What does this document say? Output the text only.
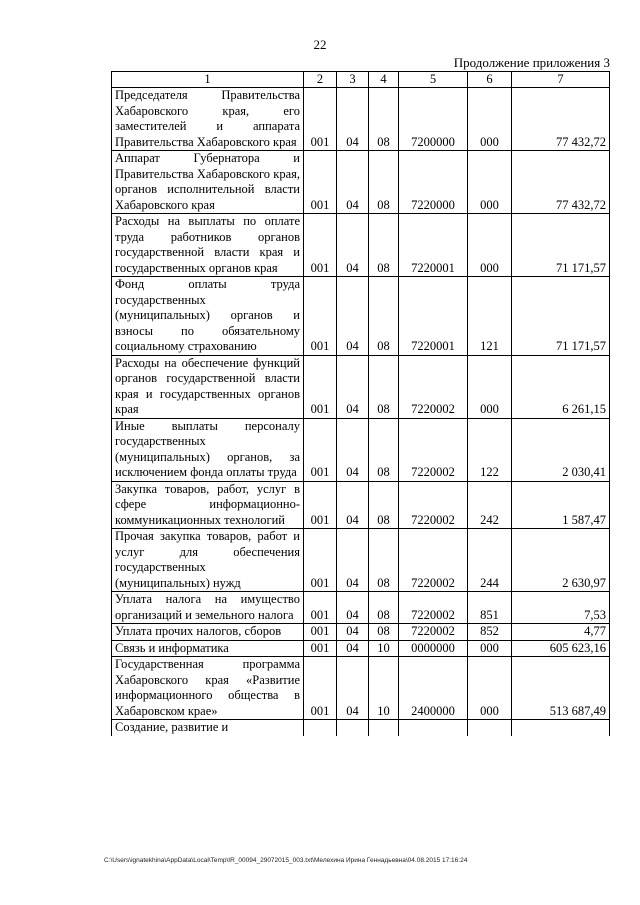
22
Продолжение приложения 3
1	2	3	4	5	6	7
Председателя Правительства Хабаровского края, его заместителей и аппарата Правительства Хабаровского края	001	04	08	7200000	000	77 432,72
Аппарат Губернатора и Правительства Хабаровского края, органов исполнительной власти Хабаровского края	001	04	08	7220000	000	77 432,72
Расходы на выплаты по оплате труда работников органов государственной власти края и государственных органов края	001	04	08	7220001	000	71 171,57
Фонд оплаты труда государственных (муниципальных) органов и взносы по обязательному социальному страхованию	001	04	08	7220001	121	71 171,57
Расходы на обеспечение функций органов государственной власти края и государственных органов края	001	04	08	7220002	000	6 261,15
Иные выплаты персоналу государственных (муниципальных) органов, за исключением фонда оплаты труда	001	04	08	7220002	122	2 030,41
Закупка товаров, работ, услуг в сфере информационно-коммуникационных технологий	001	04	08	7220002	242	1 587,47
Прочая закупка товаров, работ и услуг для обеспечения государственных (муниципальных) нужд	001	04	08	7220002	244	2 630,97
Уплата налога на имущество организаций и земельного налога	001	04	08	7220002	851	7,53
Уплата прочих налогов, сборов	001	04	08	7220002	852	4,77
Связь и информатика	001	04	10	0000000	000	605 623,16
Государственная программа Хабаровского края «Развитие информационного общества в Хабаровском крае»	001	04	10	2400000	000	513 687,49
Создание, развитие и						
C:\Users\ignatekhina\AppData\Local\Temp\IR_00094_29072015_003.txt\Мелехина Ирина Геннадьевна\04.08.2015 17:16:24
